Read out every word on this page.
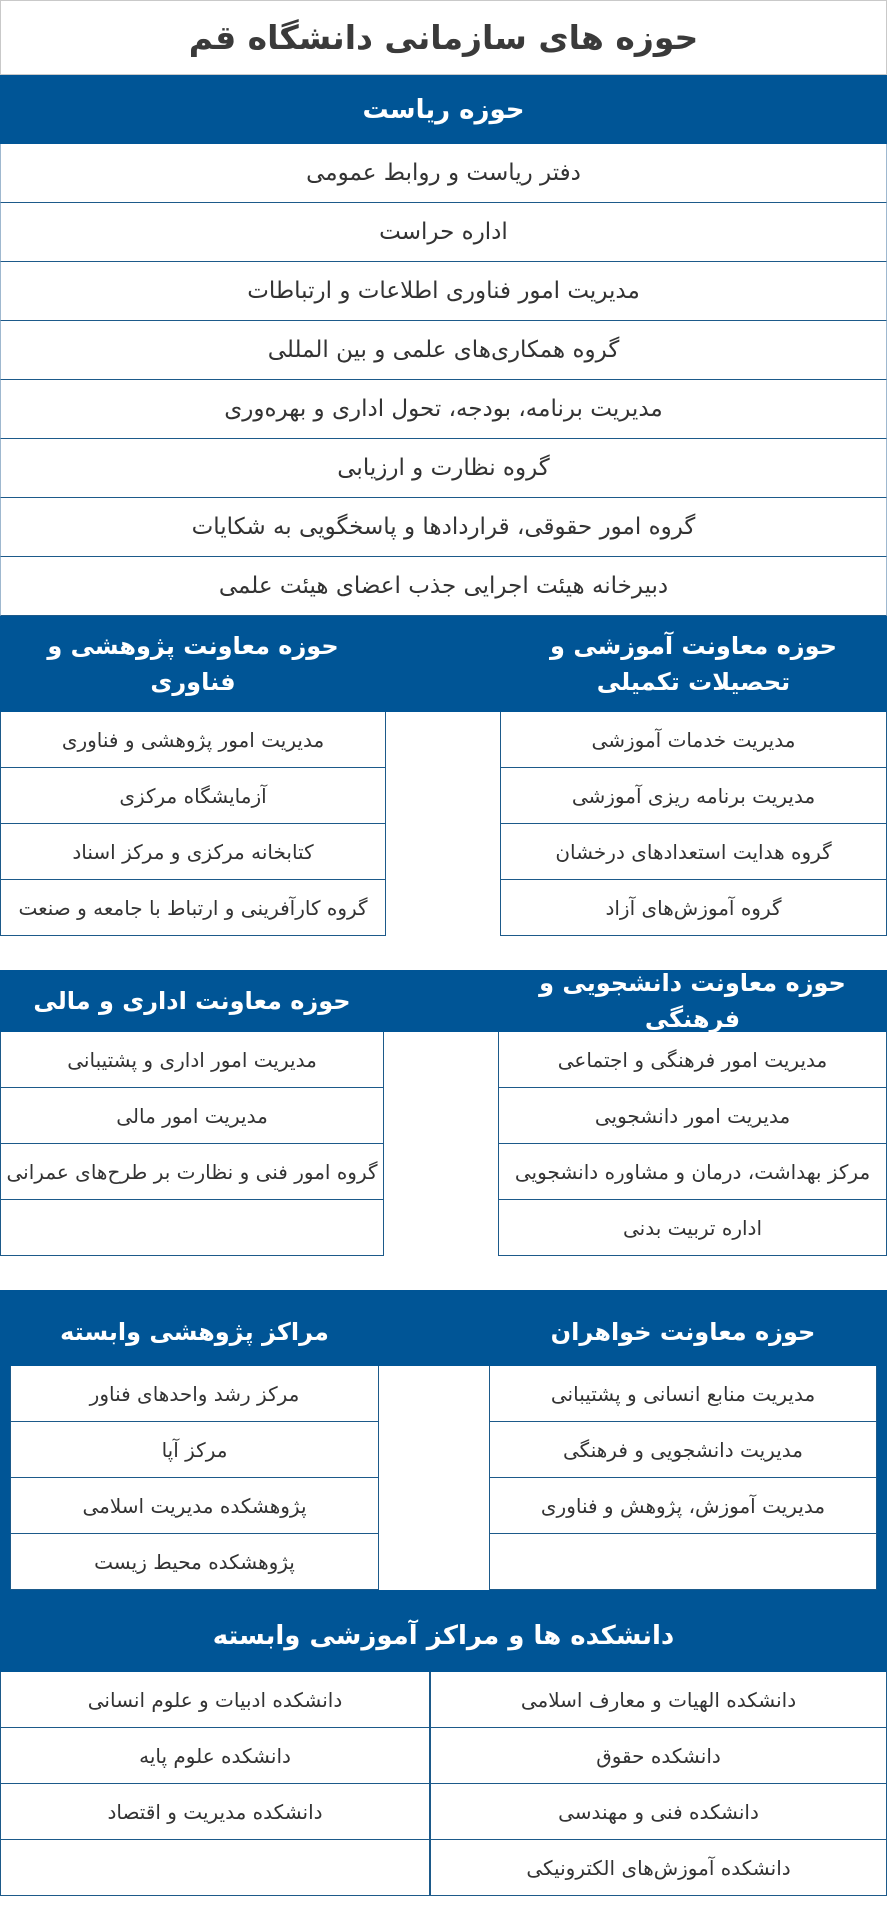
حوزه های سازمانی دانشگاه قم
حوزه ریاست
دفتر ریاست و روابط عمومی
اداره حراست
مدیریت امور فناوری اطلاعات و ارتباطات
گروه همکاری‌های علمی و بین المللی
مدیریت برنامه، بودجه، تحول اداری و بهره‌وری
گروه نظارت و ارزیابی
گروه امور حقوقی، قراردادها و پاسخگویی به شکایات
دبیرخانه هیئت اجرایی جذب اعضای هیئت علمی
حوزه معاونت آموزشی و تحصیلات تکمیلی
مدیریت خدمات آموزشی
مدیریت برنامه ریزی آموزشی
گروه هدایت استعدادهای درخشان
گروه آموزش‌های آزاد
حوزه معاونت پژوهشی و فناوری
مدیریت امور پژوهشی و فناوری
آزمایشگاه مرکزی
کتابخانه مرکزی و مرکز اسناد
گروه کارآفرینی و ارتباط با جامعه و صنعت
حوزه معاونت دانشجویی و فرهنگی
مدیریت امور فرهنگی و اجتماعی
مدیریت امور دانشجویی
مرکز بهداشت، درمان و مشاوره دانشجویی
اداره تربیت بدنی
حوزه معاونت اداری و مالی
مدیریت امور اداری و پشتیبانی
مدیریت امور مالی
گروه امور فنی و نظارت بر طرح‌های عمرانی
حوزه معاونت خواهران
مدیریت منابع انسانی و پشتیبانی
مدیریت دانشجویی و فرهنگی
مدیریت آموزش، پژوهش و فناوری
مراکز پژوهشی وابسته
مرکز رشد واحدهای فناور
مرکز آپا
پژوهشکده مدیریت اسلامی
پژوهشکده محیط زیست
دانشکده ها و مراکز آموزشی وابسته
دانشکده الهیات و معارف اسلامی
دانشکده حقوق
دانشکده فنی و مهندسی
دانشکده آموزش‌های الکترونیکی
دانشکده ادبیات و علوم انسانی
دانشکده علوم پایه
دانشکده مدیریت و اقتصاد
